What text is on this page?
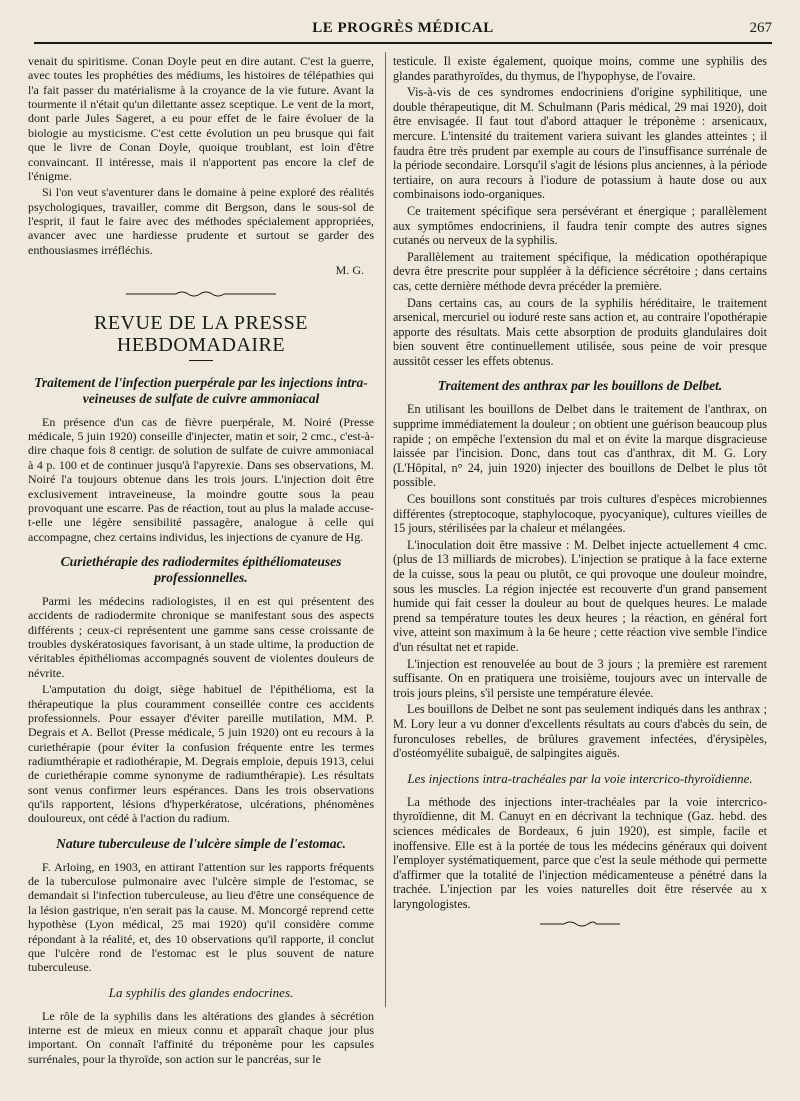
LE PROGRÈS MÉDICAL	267

venait du spiritisme. Conan Doyle peut en dire autant. C'est la guerre, avec toutes les prophéties des médiums, les histoires de télépathies qui l'a fait passer du matérialisme à la croyance de la vie future. Avant la tourmente il n'était qu'un dilettante assez sceptique. Le vent de la mort, dont parle Jules Sageret, a eu pour effet de le faire évoluer de la biologie au mysticisme. C'est cette évolution un peu brusque qui fait que le livre de Conan Doyle, quoique troublant, est loin d'être convaincant. Il intéresse, mais il n'apportent pas encore la clef de l'énigme.

Si l'on veut s'aventurer dans le domaine à peine exploré des réalités psychologiques, travailler, comme dit Bergson, dans le sous-sol de l'esprit, il faut le faire avec des méthodes spécialement appropriées, avancer avec une hardiesse prudente et surtout se garder des enthousiasmes irréfléchis.

M. G.

REVUE DE LA PRESSE HEBDOMADAIRE
Traitement de l'infection puerpérale par les injections intra-veineuses de sulfate de cuivre ammoniacal

En présence d'un cas de fièvre puerpérale, M. Noiré (Presse médicale, 5 juin 1920) conseille d'injecter, matin et soir, 2 cmc., c'est-à-dire chaque fois 8 centigr. de solution de sulfate de cuivre ammoniacal à 4 p. 100 et de continuer jusqu'à l'apyrexie. Dans ses observations, M. Noiré l'a toujours obtenue dans les trois jours. L'injection doit être exclusivement intraveineuse, la moindre goutte sous la peau provoquant une escarre. Pas de réaction, tout au plus la malade accuse-t-elle une légère sensibilité passagère, analogue à celle qui accompagne, chez certains individus, les injections de cyanure de Hg.

Curiethérapie des radiodermites épithéliomateuses professionnelles.

Parmi les médecins radiologistes, il en est qui présentent des accidents de radiodermite chronique se manifestant sous des aspects différents ; ceux-ci représentent une gamme sans cesse croissante de troubles dyskératosiques favorisant, à un stade ultime, la production de véritables épithéliomas accompagnés souvent de violentes douleurs de névrite.

L'amputation du doigt, siège habituel de l'épithélioma, est la thérapeutique la plus couramment conseillée contre ces accidents professionnels. Pour essayer d'éviter pareille mutilation, MM. P. Degrais et A. Bellot (Presse médicale, 5 juin 1920) ont eu recours à la curiethérapie (pour éviter la confusion fréquente entre les termes radiumthérapie et radiothérapie, M. Degrais emploie, depuis 1913, celui de curiethérapie comme synonyme de radiumthérapie). Les résultats sont venus confirmer leurs espérances. Dans les trois observations qu'ils rapportent, lésions d'hyperkératose, ulcérations, phénomènes douloureux, ont cédé à l'action du radium.

Nature tuberculeuse de l'ulcère simple de l'estomac.

F. Arloing, en 1903, en attirant l'attention sur les rapports fréquents de la tuberculose pulmonaire avec l'ulcère simple de l'estomac, se demandait si l'infection tuberculeuse, au lieu d'être une conséquence de la lésion gastrique, n'en serait pas la cause. M. Moncorgé reprend cette hypothèse (Lyon médical, 25 mai 1920) qu'il considère comme répondant à la réalité, et, des 10 observations qu'il rapporte, il conclut que l'ulcère rond de l'estomac est le plus souvent de nature tuberculeuse.

La syphilis des glandes endocrines.

Le rôle de la syphilis dans les altérations des glandes à sécrétion interne est de mieux en mieux connu et apparaît chaque jour plus important. On connaît l'affinité du tréponème pour les capsules surrénales, pour la thyroïde, son action sur le pancréas, sur le

testicule. Il existe également, quoique moins, comme une syphilis des glandes parathyroïdes, du thymus, de l'hypophyse, de l'ovaire.

Vis-à-vis de ces syndromes endocriniens d'origine syphilitique, une double thérapeutique, dit M. Schulmann (Paris médical, 29 mai 1920), doit être envisagée. Il faut tout d'abord attaquer le tréponème : arsenicaux, mercure. L'intensité du traitement variera suivant les glandes atteintes ; il faudra être très prudent par exemple au cours de l'insuffisance surrénale de la période secondaire. Lorsqu'il s'agit de lésions plus anciennes, à la période tertiaire, on aura recours à l'iodure de potassium à haute dose ou aux combinaisons iodo-organiques.

Ce traitement spécifique sera persévérant et énergique ; parallèlement aux symptômes endocriniens, il faudra tenir compte des autres signes cutanés ou nerveux de la syphilis.

Parallèlement au traitement spécifique, la médication opothérapique devra être prescrite pour suppléer à la déficience sécrétoire ; dans certains cas, cette dernière méthode devra précéder la première.

Dans certains cas, au cours de la syphilis héréditaire, le traitement arsenical, mercuriel ou ioduré reste sans action et, au contraire l'opothérapie apporte des résultats. Mais cette absorption de produits glandulaires doit bien souvent être continuellement utilisée, sous peine de voir presque aussitôt cesser les effets obtenus.

Traitement des anthrax par les bouillons de Delbet.

En utilisant les bouillons de Delbet dans le traitement de l'anthrax, on supprime immédiatement la douleur ; on obtient une guérison beaucoup plus rapide ; on empêche l'extension du mal et on évite la marque disgracieuse laissée par l'incision. Donc, dans tout cas d'anthrax, dit M. G. Lory (L'Hôpital, n° 24, juin 1920) injecter des bouillons de Delbet le plus tôt possible.

Ces bouillons sont constitués par trois cultures d'espèces microbiennes différentes (streptocoque, staphylocoque, pyocyanique), cultures vieilles de 15 jours, stérilisées par la chaleur et mélangées.

L'inoculation doit être massive : M. Delbet injecte actuellement 4 cmc. (plus de 13 milliards de microbes). L'injection se pratique à la face externe de la cuisse, sous la peau ou plutôt, ce qui provoque une douleur moindre, sous les muscles. La région injectée est recouverte d'un grand pansement humide qui fait cesser la douleur au bout de quelques heures. Le malade prend sa température toutes les deux heures ; la réaction, en général fort vive, atteint son maximum à la 6e heure ; cette réaction vive semble l'indice d'un résultat net et rapide.

L'injection est renouvelée au bout de 3 jours ; la première est rarement suffisante. On en pratiquera une troisième, toujours avec un intervalle de trois jours pleins, s'il persiste une température élevée.

Les bouillons de Delbet ne sont pas seulement indiqués dans les anthrax ; M. Lory leur a vu donner d'excellents résultats au cours d'abcès du sein, de furonculoses rebelles, de brûlures gravement infectées, d'érysipèles, d'ostéomyélite subaiguë, de salpingites aiguës.

Les injections intra-trachéales par la voie intercrico-thyroïdienne.

La méthode des injections inter-trachéales par la voie intercrico-thyroïdienne, dit M. Canuyt en en décrivant la technique (Gaz. hebd. des sciences médicales de Bordeaux, 6 juin 1920), est simple, facile et inoffensive. Elle est à la portée de tous les médecins généraux qui doivent l'employer systématiquement, parce que c'est la seule méthode qui permette d'affirmer que la totalité de l'injection médicamenteuse a pénétré dans la trachée. L'injection par les voies naturelles doit être réservée au x laryngologistes.
